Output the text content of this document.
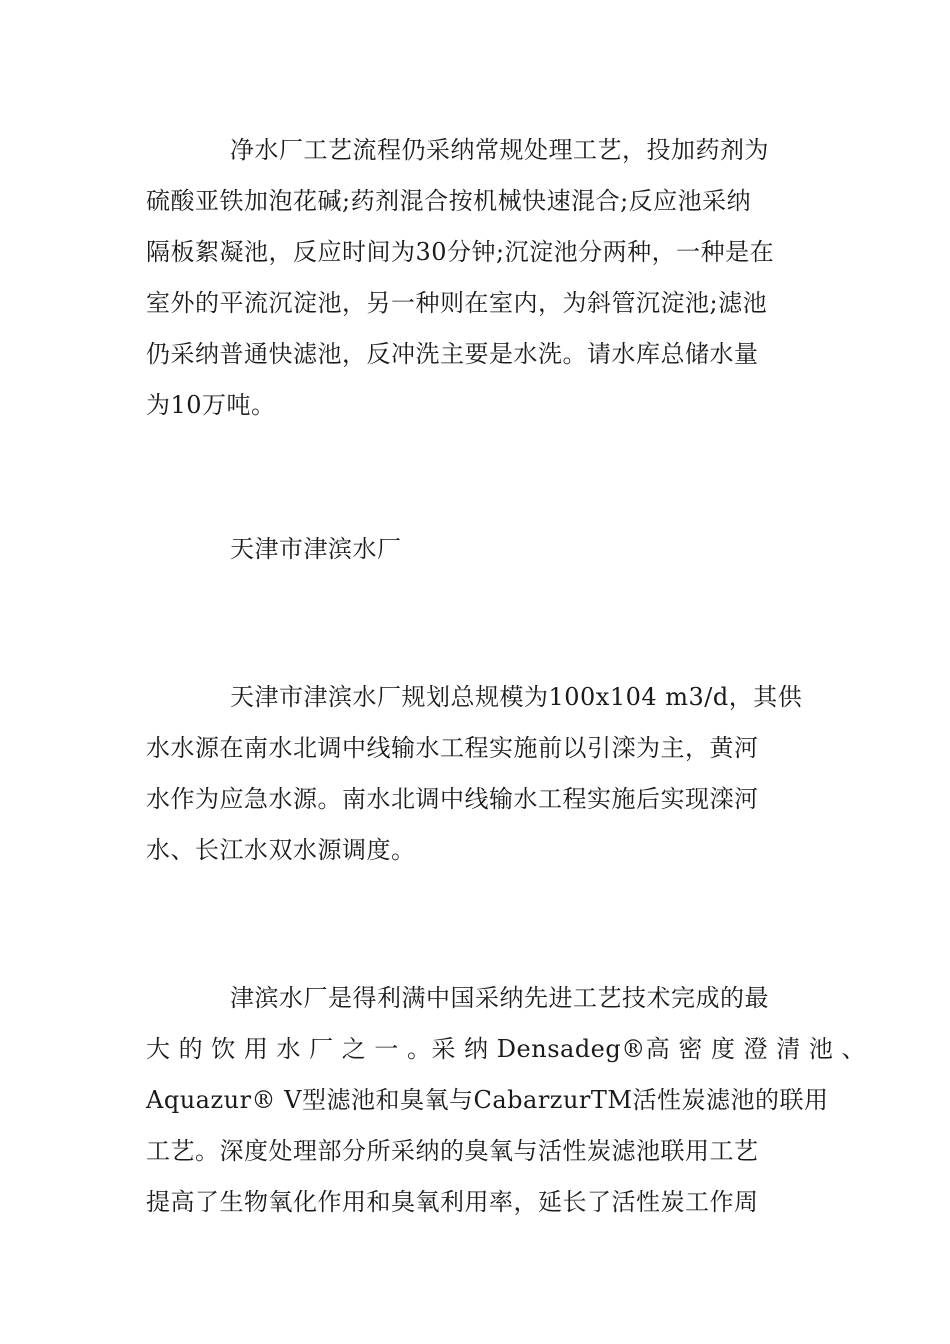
净水厂工艺流程仍采纳常规处理工艺，投加药剂为
硫酸亚铁加泡花碱;药剂混合按机械快速混合;反应池采纳
隔板絮凝池，反应时间为30分钟;沉淀池分两种，一种是在
室外的平流沉淀池，另一种则在室内，为斜管沉淀池;滤池
仍采纳普通快滤池，反冲洗主要是水洗。请水库总储水量
为10万吨。
天津市津滨水厂
天津市津滨水厂规划总规模为100x104 m3/d，其供
水水源在南水北调中线输水工程实施前以引滦为主，黄河
水作为应急水源。南水北调中线输水工程实施后实现滦河
水、长江水双水源调度。
津滨水厂是得利满中国采纳先进工艺技术完成的最
大 的 饮 用 水 厂 之 一 。采 纳 Densadeg®高 密 度 澄 清 池 、
Aquazur® V型滤池和臭氧与CabarzurTM活性炭滤池的联用
工艺。深度处理部分所采纳的臭氧与活性炭滤池联用工艺
提高了生物氧化作用和臭氧利用率，延长了活性炭工作周
